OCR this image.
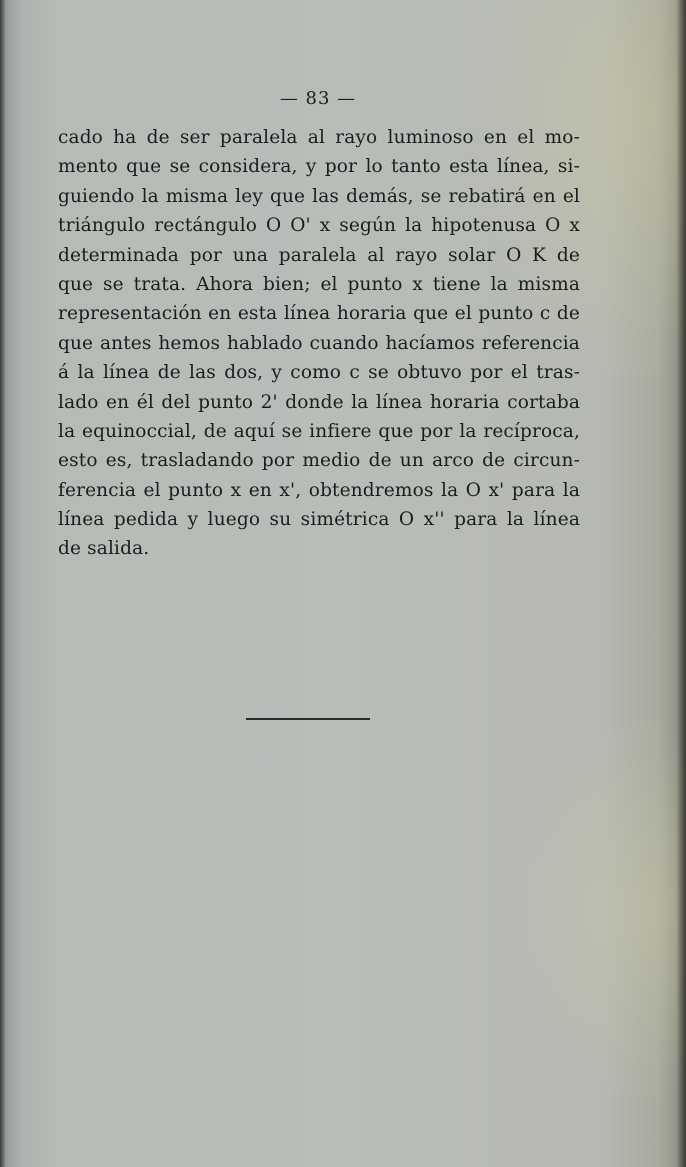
— 83 —
cado ha de ser paralela al rayo luminoso en el mo-
mento que se considera, y por lo tanto esta línea, si-
guiendo la misma ley que las demás, se rebatirá en el
triángulo rectángulo O O' x según la hipotenusa O x
determinada por una paralela al rayo solar O K de
que se trata. Ahora bien; el punto x tiene la misma
representación en esta línea horaria que el punto c de
que antes hemos hablado cuando hacíamos referencia
á la línea de las dos, y como c se obtuvo por el tras-
lado en él del punto 2' donde la línea horaria cortaba
la equinoccial, de aquí se infiere que por la recíproca,
esto es, trasladando por medio de un arco de circun-
ferencia el punto x en x', obtendremos la O x' para la
línea pedida y luego su simétrica O x'' para la línea
de salida.
